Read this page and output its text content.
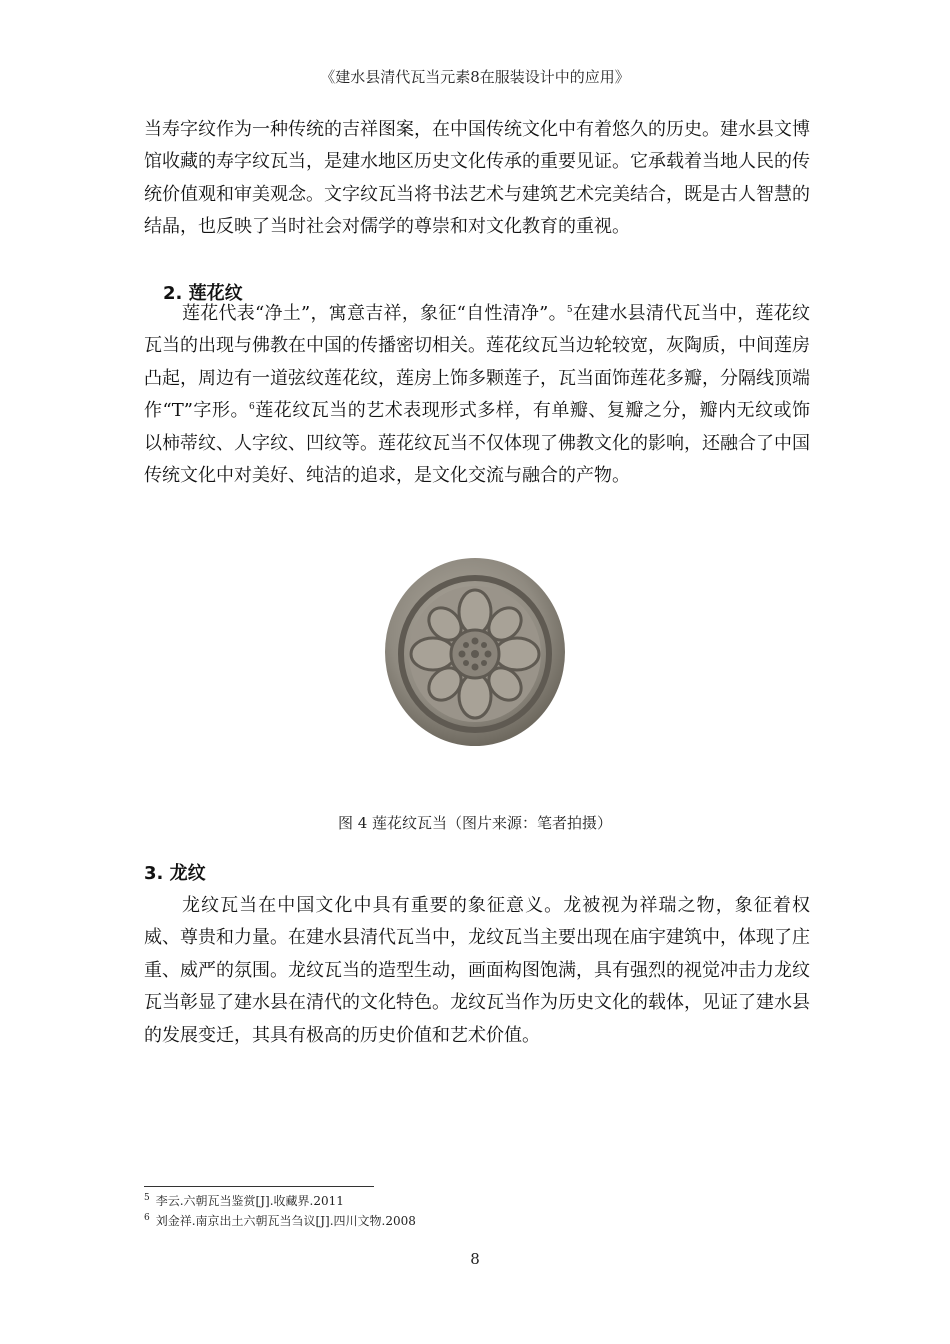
《建水县清代瓦当元素8在服装设计中的应用》

当寿字纹作为一种传统的吉祥图案，在中国传统文化中有着悠久的历史。建水县文博馆收藏的寿字纹瓦当，是建水地区历史文化传承的重要见证。它承载着当地人民的传统价值观和审美观念。文字纹瓦当将书法艺术与建筑艺术完美结合，既是古人智慧的结晶，也反映了当时社会对儒学的尊崇和对文化教育的重视。

2. 莲花纹

莲花代表“净土”，寓意吉祥，象征“自性清净”。$^5$在建水县清代瓦当中，莲花纹瓦当的出现与佛教在中国的传播密切相关。莲花纹瓦当边轮较宽，灰陶质，中间莲房凸起，周边有一道弦纹莲花纹，莲房上饰多颗莲子，瓦当面饰莲花多瓣，分隔线顶端作“T”字形。$^6$莲花纹瓦当的艺术表现形式多样，有单瓣、复瓣之分，瓣内无纹或饰以柿蒂纹、人字纹、凹纹等。莲花纹瓦当不仅体现了佛教文化的影响，还融合了中国传统文化中对美好、纯洁的追求，是文化交流与融合的产物。

图 4 莲花纹瓦当（图片来源：笔者拍摄）
3. 龙纹

龙纹瓦当在中国文化中具有重要的象征意义。龙被视为祥瑞之物，象征着权威、尊贵和力量。在建水县清代瓦当中，龙纹瓦当主要出现在庙宇建筑中，体现了庄重、威严的氛围。龙纹瓦当的造型生动，画面构图饱满，具有强烈的视觉冲击力龙纹瓦当彰显了建水县在清代的文化特色。龙纹瓦当作为历史文化的载体，见证了建水县的发展变迁，其具有极高的历史价值和艺术价值。

$^5$ 李云.六朝瓦当鉴赏[J].收藏界.2011
$^6$ 刘金祥.南京出土六朝瓦当刍议[J].四川文物.2008
8
